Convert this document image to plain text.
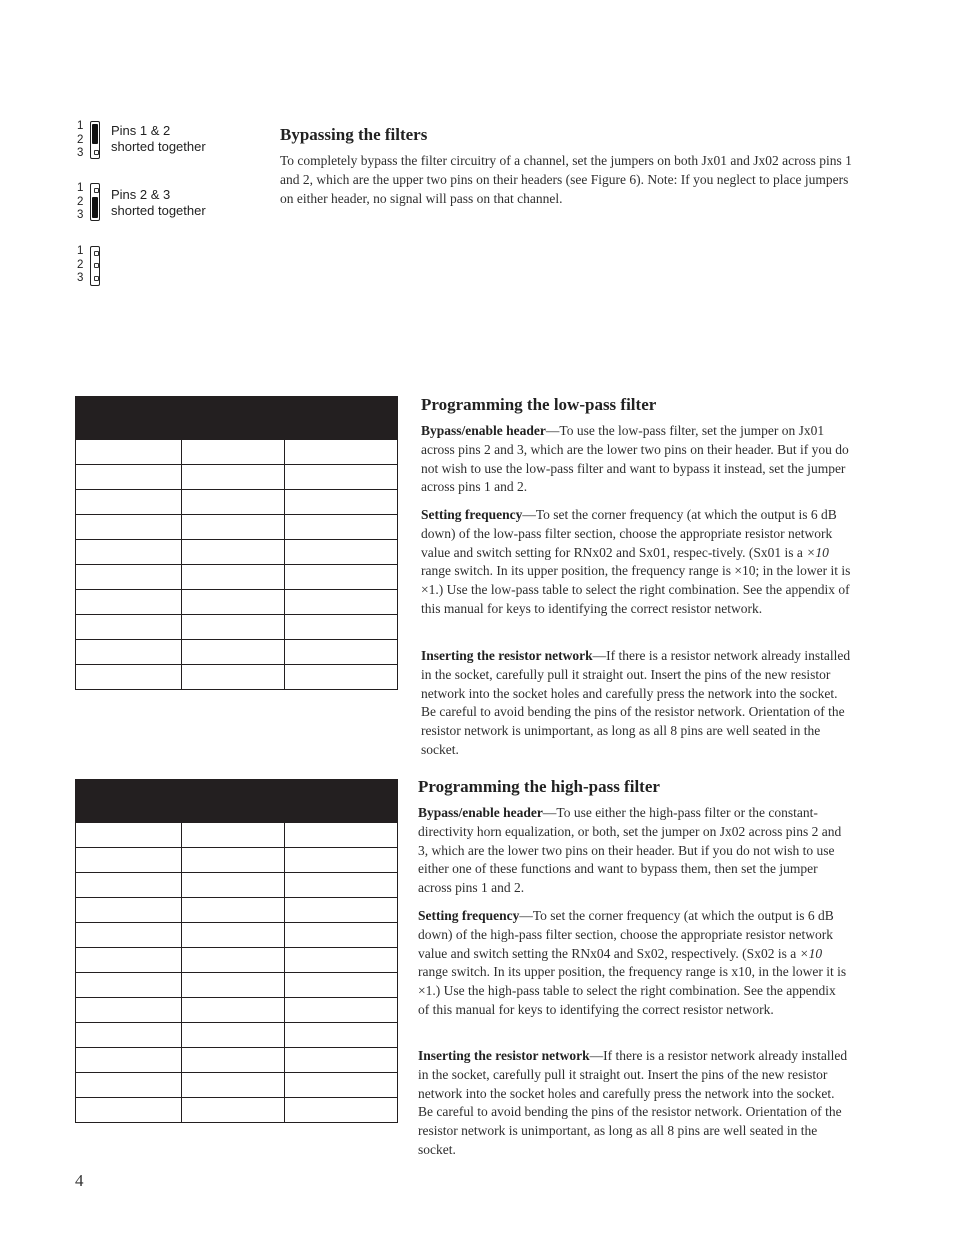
1
2
3
Pins 1 & 2
shorted together
1
2
3
Pins 2 & 3
shorted together
1
2
3
Bypassing the filters

To completely bypass the filter circuitry of a channel, set the jumpers on both Jx01 and Jx02 across pins 1 and 2, which are the upper two pins on their headers (see Figure 6). Note: If you neglect to place jumpers on either header, no signal will pass on that channel.

Programming the low-pass filter

Bypass/enable header—To use the low-pass filter, set the jumper on Jx01 across pins 2 and 3, which are the lower two pins on their header. But if you do not wish to use the low-pass filter and want to bypass it instead, set the jumper across pins 1 and 2.

Setting frequency—To set the corner frequency (at which the output is 6 dB down) of the low-pass filter section, choose the appropriate resistor network value and switch setting for RNx02 and Sx01, respec-tively. (Sx01 is a ×10 range switch. In its upper position, the frequency range is ×10; in the lower it is ×1.) Use the low-pass table to select the right combination. See the appendix of this manual for keys to identifying the correct resistor network.

Inserting the resistor network—If there is a resistor network already installed in the socket, carefully pull it straight out. Insert the pins of the new resistor network into the socket holes and carefully press the network into the socket. Be careful to avoid bending the pins of the resistor network. Orientation of the resistor network is unimportant, as long as all 8 pins are well seated in the socket.

Programming the high-pass filter

Bypass/enable header—To use either the high-pass filter or the constant-directivity horn equalization, or both, set the jumper on Jx02 across pins 2 and 3, which are the lower two pins on their header. But if you do not wish to use either one of these functions and want to bypass them, then set the jumper across pins 1 and 2.

Setting frequency—To set the corner frequency (at which the output is 6 dB down) of the high-pass filter section, choose the appropriate resistor network value and switch setting the RNx04 and Sx02, respectively. (Sx02 is a ×10 range switch. In its upper position, the frequency range is x10, in the lower it is ×1.) Use the high-pass table to select the right combination. See the appendix of this manual for keys to identifying the correct resistor network.

Inserting the resistor network—If there is a resistor network already installed in the socket, carefully pull it straight out. Insert the pins of the new resistor network into the socket holes and carefully press the network into the socket. Be careful to avoid bending the pins of the resistor network. Orientation of the resistor network is unimportant, as long as all 8 pins are well seated in the socket.

4
